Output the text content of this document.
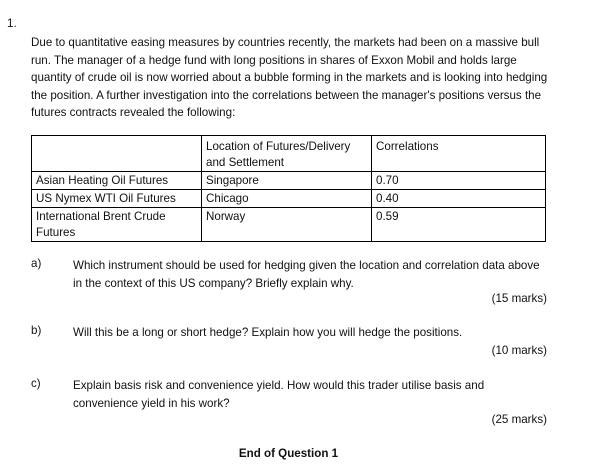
1.

Due to quantitative easing measures by countries recently, the markets had been on a massive bull run. The manager of a hedge fund with long positions in shares of Exxon Mobil and holds large quantity of crude oil is now worried about a bubble forming in the markets and is looking into hedging the position. A further investigation into the correlations between the manager's positions versus the futures contracts revealed the following:

	Location of Futures/Delivery and Settlement	Correlations
Asian Heating Oil Futures	Singapore	0.70
US Nymex WTI Oil Futures	Chicago	0.40
International Brent Crude Futures	Norway	0.59
a)	Which instrument should be used for hedging given the location and correlation data above in the context of this US company? Briefly explain why.

(15 marks)
b)	Will this be a long or short hedge? Explain how you will hedge the positions.

(10 marks)
c)	Explain basis risk and convenience yield. How would this trader utilise basis and convenience yield in his work?

(25 marks)
End of Question 1
